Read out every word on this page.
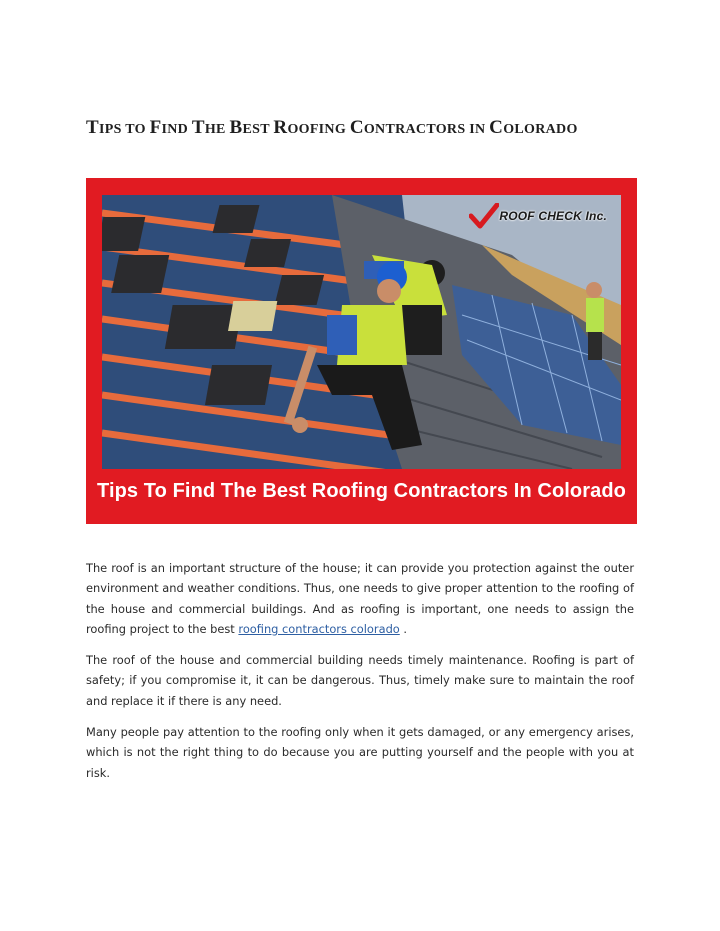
TIPS TO FIND THE BEST ROOFING CONTRACTORS IN COLORADO
ROOF CHECK Inc.
Tips To Find The Best Roofing Contractors In Colorado

The roof is an important structure of the house; it can provide you protection against the outer environment and weather conditions. Thus, one needs to give proper attention to the roofing of the house and commercial buildings. And as roofing is important, one needs to assign the roofing project to the best roofing contractors colorado .

The roof of the house and commercial building needs timely maintenance. Roofing is part of safety; if you compromise it, it can be dangerous. Thus, timely make sure to maintain the roof and replace it if there is any need.

Many people pay attention to the roofing only when it gets damaged, or any emergency arises, which is not the right thing to do because you are putting yourself and the people with you at risk.
